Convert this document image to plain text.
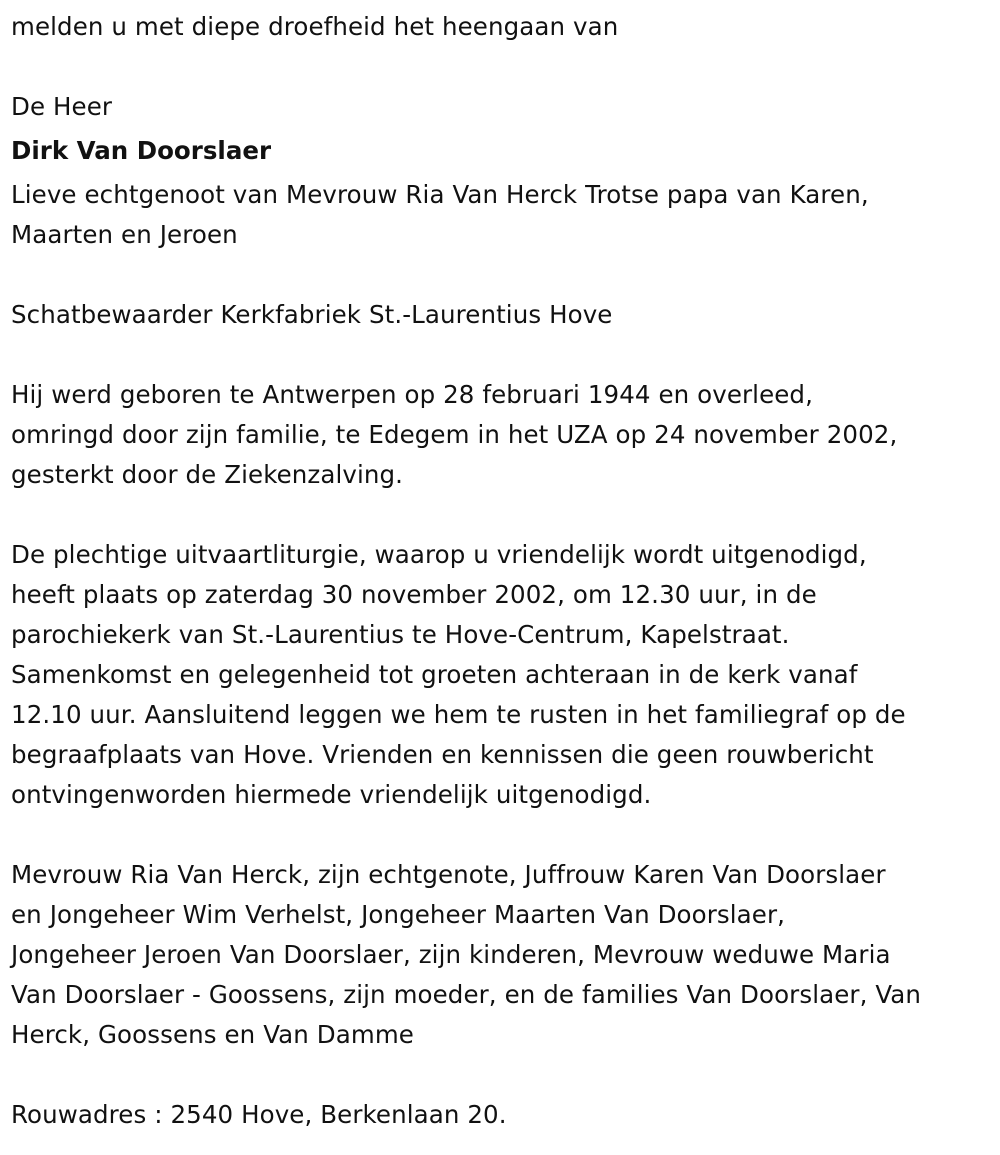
melden u met diepe droefheid het heengaan van
De Heer
Dirk Van Doorslaer
Lieve echtgenoot van Mevrouw Ria Van Herck Trotse papa van Karen,
Maarten en Jeroen
Schatbewaarder Kerkfabriek St.-Laurentius Hove
Hij werd geboren te Antwerpen op 28 februari 1944 en overleed,
omringd door zijn familie, te Edegem in het UZA op 24 november 2002,
gesterkt door de Ziekenzalving.
De plechtige uitvaartliturgie, waarop u vriendelijk wordt uitgenodigd,
heeft plaats op zaterdag 30 november 2002, om 12.30 uur, in de
parochiekerk van St.-Laurentius te Hove-Centrum, Kapelstraat.
Samenkomst en gelegenheid tot groeten achteraan in de kerk vanaf
12.10 uur. Aansluitend leggen we hem te rusten in het familiegraf op de
begraafplaats van Hove. Vrienden en kennissen die geen rouwbericht
ontvingenworden hiermede vriendelijk uitgenodigd.
Mevrouw Ria Van Herck, zijn echtgenote, Juffrouw Karen Van Doorslaer
en Jongeheer Wim Verhelst, Jongeheer Maarten Van Doorslaer,
Jongeheer Jeroen Van Doorslaer, zijn kinderen, Mevrouw weduwe Maria
Van Doorslaer - Goossens, zijn moeder, en de families Van Doorslaer, Van
Herck, Goossens en Van Damme
Rouwadres : 2540 Hove, Berkenlaan 20.
